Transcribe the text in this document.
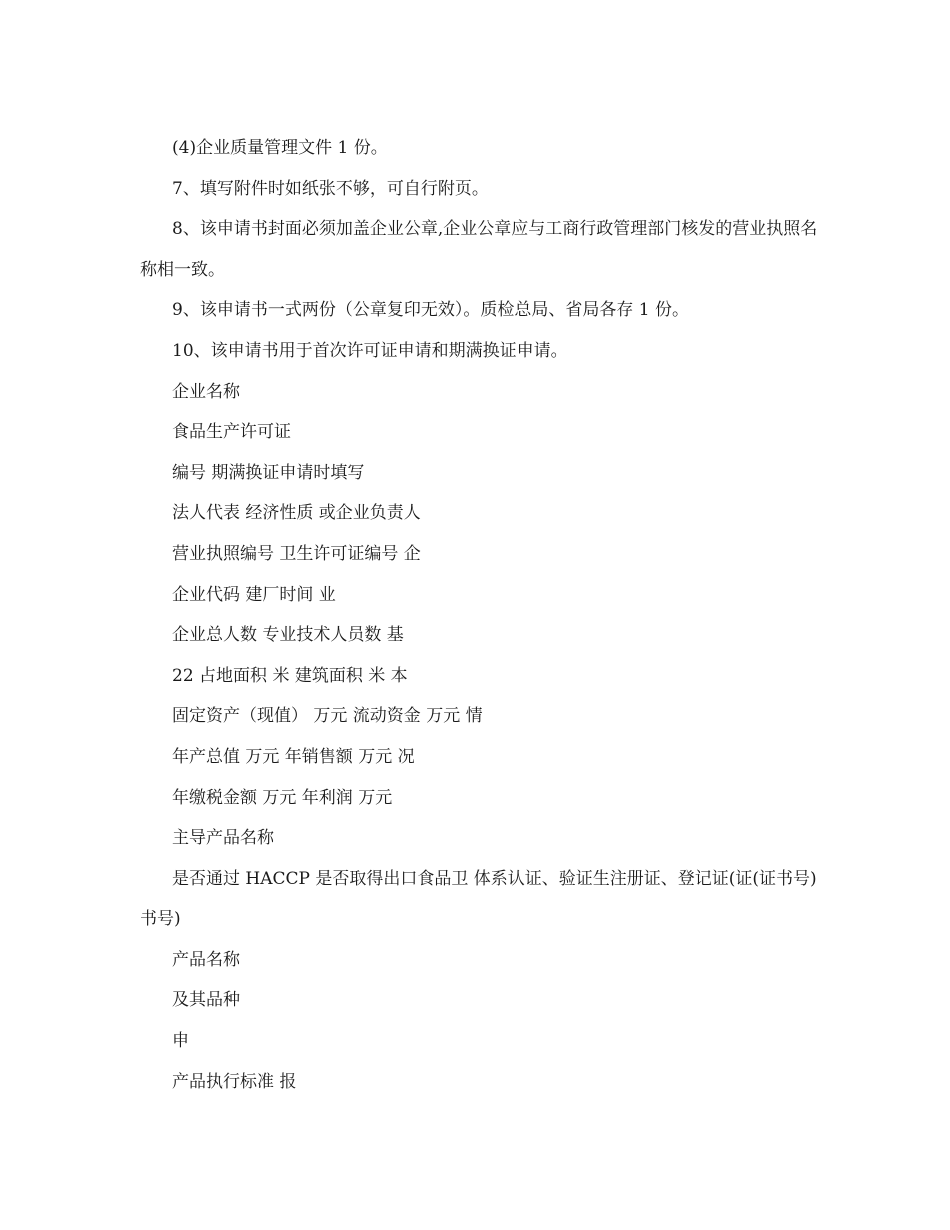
(4)企业质量管理文件 1 份。

7、填写附件时如纸张不够，可自行附页。

8、该申请书封面必须加盖企业公章,企业公章应与工商行政管理部门核发的营业执照名称相一致。

9、该申请书一式两份（公章复印无效）。质检总局、省局各存 1 份。

10、该申请书用于首次许可证申请和期满换证申请。

企业名称

食品生产许可证

编号 期满换证申请时填写

法人代表 经济性质 或企业负责人

营业执照编号 卫生许可证编号 企

企业代码 建厂时间 业

企业总人数 专业技术人员数 基

22 占地面积 米 建筑面积 米 本

固定资产（现值） 万元 流动资金 万元 情

年产总值 万元 年销售额 万元 况

年缴税金额 万元 年利润 万元

主导产品名称

是否通过 HACCP 是否取得出口食品卫 体系认证、验证生注册证、登记证(证(证书号) 书号)

产品名称

及其品种

申

产品执行标准 报
